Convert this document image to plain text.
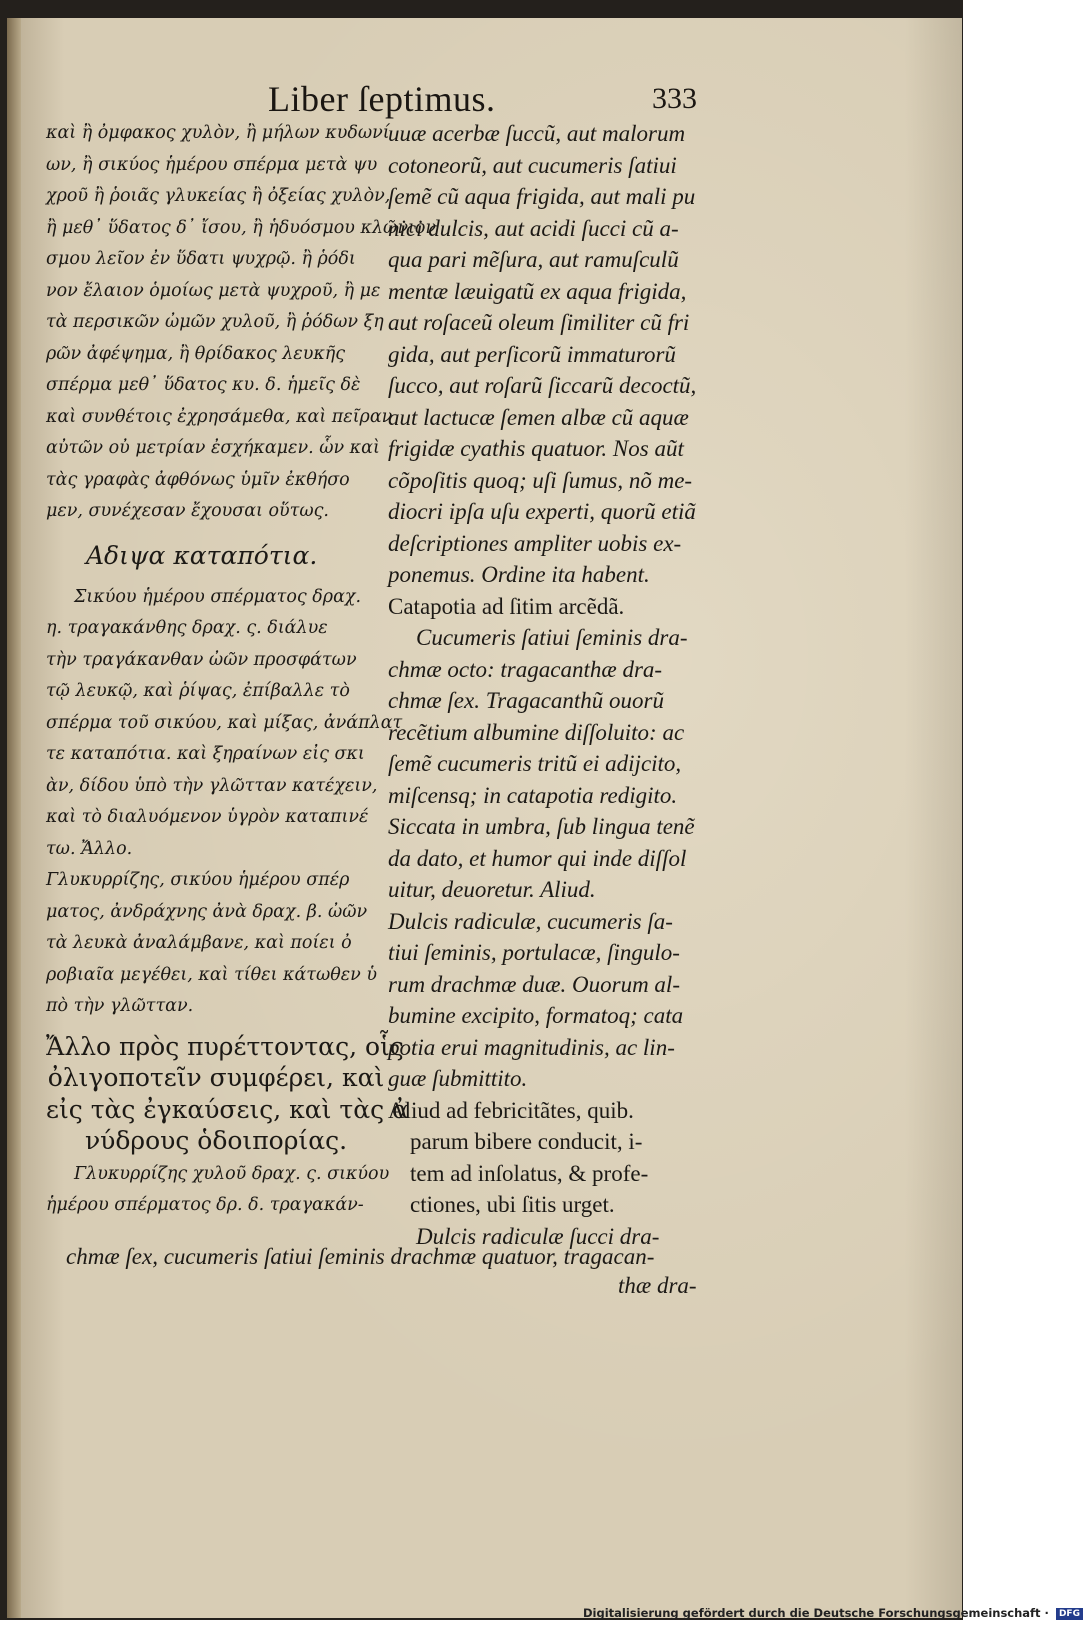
Liber ſeptimus.	333
καὶ ἢ ὀμφακος χυλὸν, ἢ μήλων κυδωνί
ων, ἢ σικύος ἡμέρου σπέρμα μετὰ ψυ
χροῦ ἢ ῥοιᾶς γλυκείας ἢ ὀξείας χυλὸν,
ἢ μεθ᾽ ὕδατος δ᾽ ἴσου, ἢ ἡδυόσμου κλῶνιον
σμου λεῖον ἐν ὕδατι ψυχρῷ. ἢ ῥόδι
νον ἔλαιον ὁμοίως μετὰ ψυχροῦ, ἢ με
τὰ περσικῶν ὠμῶν χυλοῦ, ἢ ῥόδων ξη
ρῶν ἀφέψημα, ἢ θρίδακος λευκῆς
σπέρμα μεθ᾽ ὕδατος κυ. δ. ἡμεῖς δὲ
καὶ συνθέτοις ἐχρησάμεθα, καὶ πεῖραν
αὐτῶν οὐ μετρίαν ἐσχήκαμεν. ὧν καὶ
τὰς γραφὰς ἀφθόνως ὑμῖν ἐκθήσο
μεν, συνέχεσαν ἔχουσαι οὕτως.
Αδιψα καταπότια.
Σικύου ἡμέρου σπέρματος δραχ.
η. τραγακάνθης δραχ. ς. διάλυε
τὴν τραγάκανθαν ὠῶν προσφάτων
τῷ λευκῷ, καὶ ῥίψας, ἐπίβαλλε τὸ
σπέρμα τοῦ σικύου, καὶ μίξας, ἀνάπλατ
τε καταπότια. καὶ ξηραίνων εἰς σκι
ὰν, δίδου ὑπὸ τὴν γλῶτταν κατέχειν,
καὶ τὸ διαλυόμενον ὑγρὸν καταπινέ
τω. Ἄλλο.
Γλυκυρρίζης, σικύου ἡμέρου σπέρ
ματος, ἀνδράχνης ἀνὰ δραχ. β. ὠῶν
τὰ λευκὰ ἀναλάμβανε, καὶ ποίει ὀ
ροβιαῖα μεγέθει, καὶ τίθει κάτωθεν ὑ
πὸ τὴν γλῶτταν.
Ἄλλο πρὸς πυρέττοντας, οἷς
ὀλιγοποτεῖν συμφέρει, καὶ
εἰς τὰς ἐγκαύσεις, καὶ τὰς ἀ
νύδρους ὁδοιπορίας.
Γλυκυρρίζης χυλοῦ δραχ. ς. σικύου
ἡμέρου σπέρματος δρ. δ. τραγακάν-
uuæ acerbæ ſuccũ, aut malorum
cotoneorũ, aut cucumeris ſatiui
ſemẽ cũ aqua frigida, aut mali pu
nici dulcis, aut acidi ſucci cũ a-
qua pari mẽſura, aut ramuſculũ
mentæ læuigatũ ex aqua frigida,
aut roſaceũ oleum ſimiliter cũ fri
gida, aut perſicorũ immaturorũ
ſucco, aut roſarũ ſiccarũ decoctũ,
aut lactucæ ſemen albæ cũ aquæ
frigidæ cyathis quatuor. Nos aũt
cõpoſitis quoq; uſi ſumus, nõ me-
diocri ipſa uſu experti, quorũ etiã
deſcriptiones ampliter uobis ex-
ponemus. Ordine ita habent.
Catapotia ad ſitim arcẽdã.
Cucumeris ſatiui ſeminis dra-
chmæ octo: tragacanthæ dra-
chmæ ſex. Tragacanthũ ouorũ
recẽtium albumine diſſoluito: ac
ſemẽ cucumeris tritũ ei adijcito,
miſcensq; in catapotia redigito.
Siccata in umbra, ſub lingua tenẽ
da dato, et humor qui inde diſſol
uitur, deuoretur. Aliud.
Dulcis radiculæ, cucumeris ſa-
tiui ſeminis, portulacæ, ſingulo-
rum drachmæ duæ. Ouorum al-
bumine excipito, formatoq; cata
potia erui magnitudinis, ac lin-
guæ ſubmittito.
Aliud ad febricitãtes, quib.
parum bibere conducit, i-
tem ad inſolatus, & profe-
ctiones, ubi ſitis urget.
Dulcis radiculæ ſucci dra-
chmæ ſex, cucumeris ſatiui ſeminis drachmæ quatuor, tragacan-
thæ dra-
Digitalisierung gefördert durch die Deutsche Forschungsgemeinschaft · DFG
